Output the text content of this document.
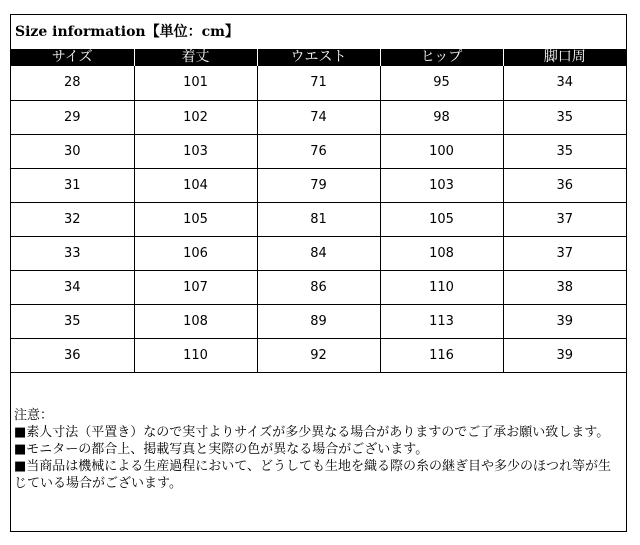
Size information【単位：cm】
サイズ	着丈	ウエスト	ヒップ	脚口周
28	101	71	95	34
29	102	74	98	35
30	103	76	100	35
31	104	79	103	36
32	105	81	105	37
33	106	84	108	37
34	107	86	110	38
35	108	89	113	39
36	110	92	116	39

注意：

■素人寸法（平置き）なので実寸よりサイズが多少異なる場合がありますのでご了承お願い致します。

■モニターの都合上、掲載写真と実際の色が異なる場合がございます。

■当商品は機械による生産過程において、どうしても生地を織る際の糸の継ぎ目や多少のほつれ等が生じている場合がございます。
